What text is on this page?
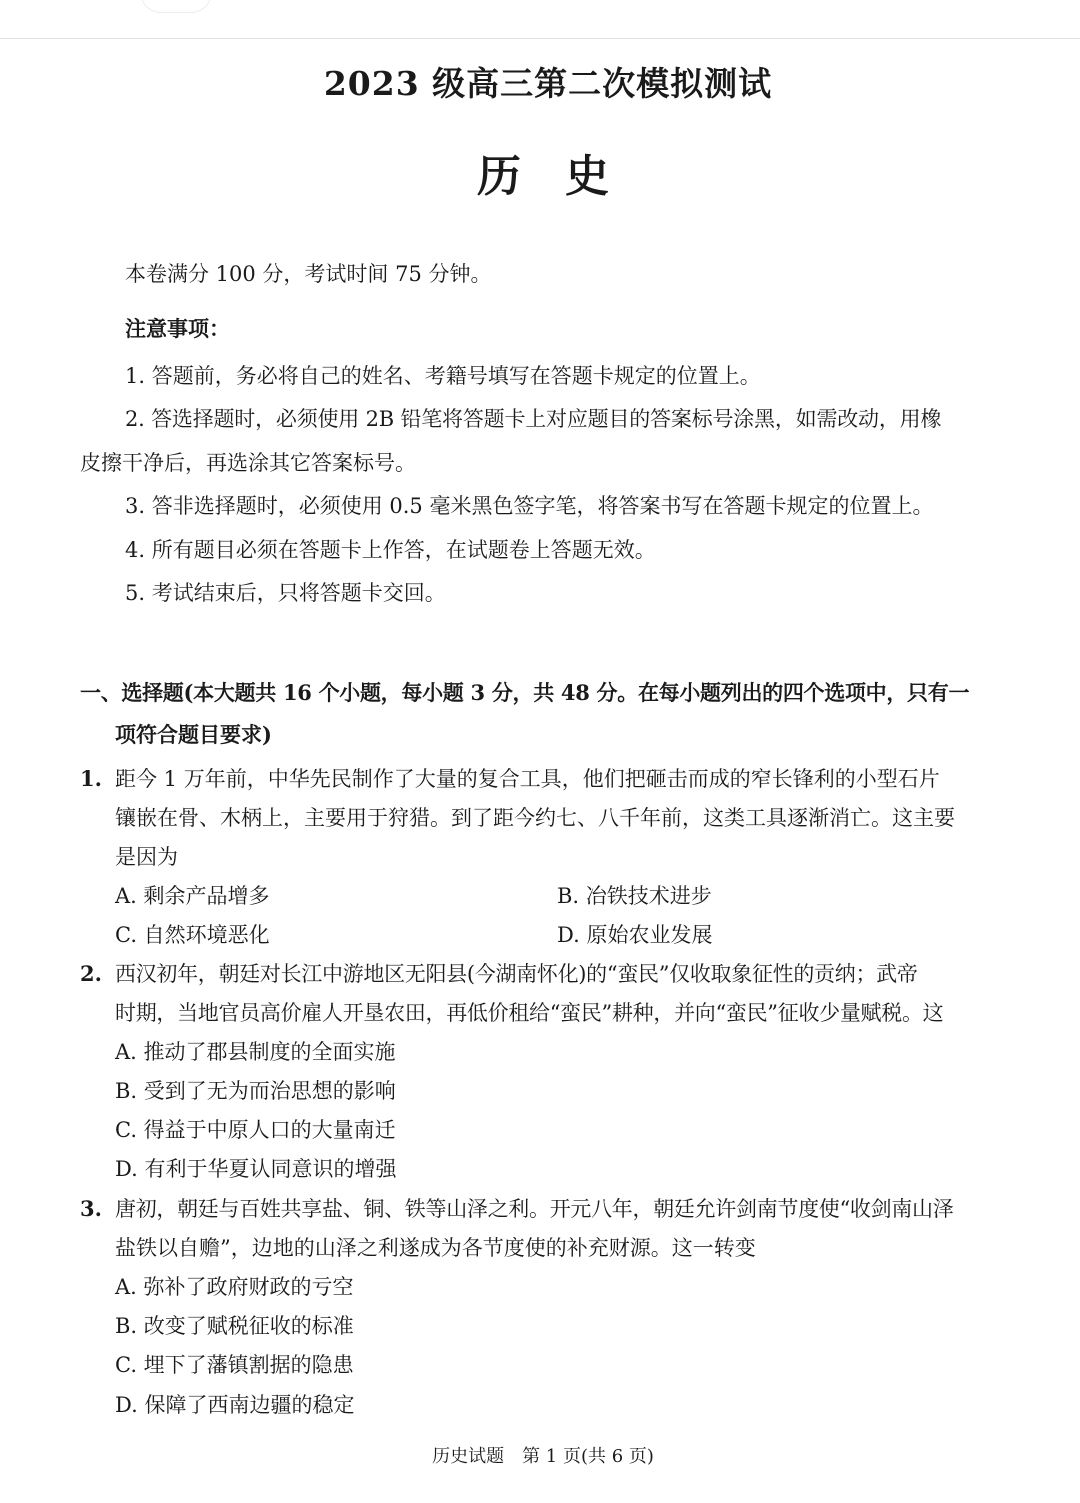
2023 级高三第二次模拟测试
历　史
本卷满分 100 分，考试时间 75 分钟。
注意事项：
1. 答题前，务必将自己的姓名、考籍号填写在答题卡规定的位置上。
2. 答选择题时，必须使用 2B 铅笔将答题卡上对应题目的答案标号涂黑，如需改动，用橡
皮擦干净后，再选涂其它答案标号。
3. 答非选择题时，必须使用 0.5 毫米黑色签字笔，将答案书写在答题卡规定的位置上。
4. 所有题目必须在答题卡上作答，在试题卷上答题无效。
5. 考试结束后，只将答题卡交回。
一、选择题(本大题共 16 个小题，每小题 3 分，共 48 分。在每小题列出的四个选项中，只有一
项符合题目要求)
1. 距今 1 万年前，中华先民制作了大量的复合工具，他们把砸击而成的窄长锋利的小型石片
镶嵌在骨、木柄上，主要用于狩猎。到了距今约七、八千年前，这类工具逐渐消亡。这主要
是因为
A. 剩余产品增多	B. 冶铁技术进步
C. 自然环境恶化	D. 原始农业发展
2. 西汉初年，朝廷对长江中游地区无阳县(今湖南怀化)的“蛮民”仅收取象征性的贡纳；武帝
时期，当地官员高价雇人开垦农田，再低价租给“蛮民”耕种，并向“蛮民”征收少量赋税。这
A. 推动了郡县制度的全面实施
B. 受到了无为而治思想的影响
C. 得益于中原人口的大量南迁
D. 有利于华夏认同意识的增强
3. 唐初，朝廷与百姓共享盐、铜、铁等山泽之利。开元八年，朝廷允许剑南节度使“收剑南山泽
盐铁以自赡”，边地的山泽之利遂成为各节度使的补充财源。这一转变
A. 弥补了政府财政的亏空
B. 改变了赋税征收的标准
C. 埋下了藩镇割据的隐患
D. 保障了西南边疆的稳定
历史试题　第 1 页(共 6 页)
